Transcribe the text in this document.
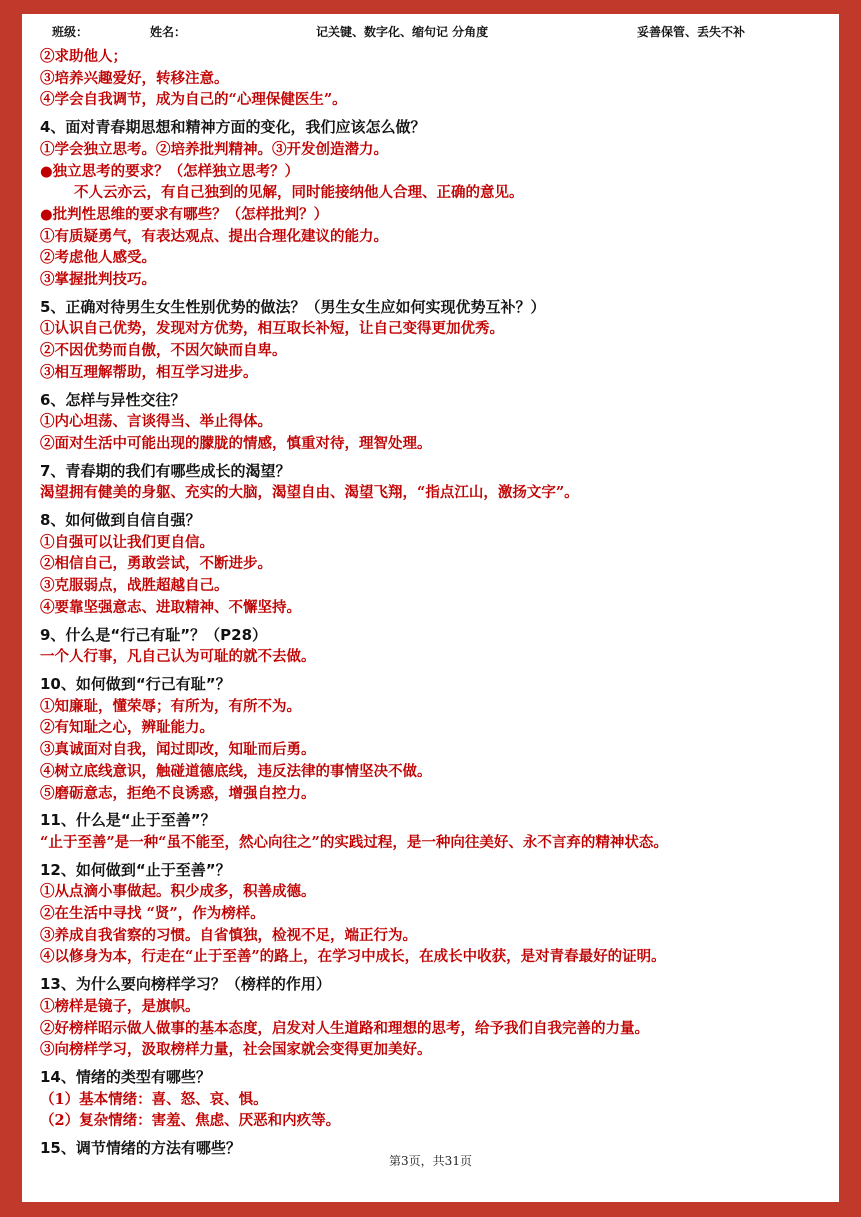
班级：	姓名：	记关键、数字化、缩句记 分角度	妥善保管、丢失不补
②求助他人；
③培养兴趣爱好，转移注意。
④学会自我调节，成为自己的“心理保健医生”。
4、面对青春期思想和精神方面的变化，我们应该怎么做？
①学会独立思考。②培养批判精神。③开发创造潜力。
●独立思考的要求？（怎样独立思考？）
不人云亦云，有自己独到的见解，同时能接纳他人合理、正确的意见。
●批判性思维的要求有哪些？（怎样批判？）
①有质疑勇气，有表达观点、提出合理化建议的能力。
②考虑他人感受。
③掌握批判技巧。
5、正确对待男生女生性别优势的做法？（男生女生应如何实现优势互补？）
①认识自己优势，发现对方优势，相互取长补短，让自己变得更加优秀。
②不因优势而自傲，不因欠缺而自卑。
③相互理解帮助，相互学习进步。
6、怎样与异性交往？
①内心坦荡、言谈得当、举止得体。
②面对生活中可能出现的朦胧的情感，慎重对待，理智处理。
7、青春期的我们有哪些成长的渴望？
渴望拥有健美的身躯、充实的大脑，渴望自由、渴望飞翔，“指点江山，激扬文字”。
8、如何做到自信自强？
①自强可以让我们更自信。
②相信自己，勇敢尝试，不断进步。
③克服弱点，战胜超越自己。
④要靠坚强意志、进取精神、不懈坚持。
9、什么是“行己有耻”？（P28）
一个人行事，凡自己认为可耻的就不去做。
10、如何做到“行己有耻”？
①知廉耻，懂荣辱；有所为，有所不为。
②有知耻之心，辨耻能力。
③真诚面对自我，闻过即改，知耻而后勇。
④树立底线意识，触碰道德底线，违反法律的事情坚决不做。
⑤磨砺意志，拒绝不良诱惑，增强自控力。
11、什么是“止于至善”？
“止于至善”是一种“虽不能至，然心向往之”的实践过程，是一种向往美好、永不言弃的精神状态。
12、如何做到“止于至善”？
①从点滴小事做起。积少成多，积善成德。
②在生活中寻找 “贤”，作为榜样。
③养成自我省察的习惯。自省慎独，检视不足，端正行为。
④以修身为本，行走在“止于至善”的路上，在学习中成长，在成长中收获，是对青春最好的证明。
13、为什么要向榜样学习？（榜样的作用）
①榜样是镜子，是旗帜。
②好榜样昭示做人做事的基本态度，启发对人生道路和理想的思考，给予我们自我完善的力量。
③向榜样学习，汲取榜样力量，社会国家就会变得更加美好。
14、情绪的类型有哪些？
（1）基本情绪：喜、怒、哀、惧。
（2）复杂情绪：害羞、焦虑、厌恶和内疚等。
15、调节情绪的方法有哪些？
第3页，共31页
